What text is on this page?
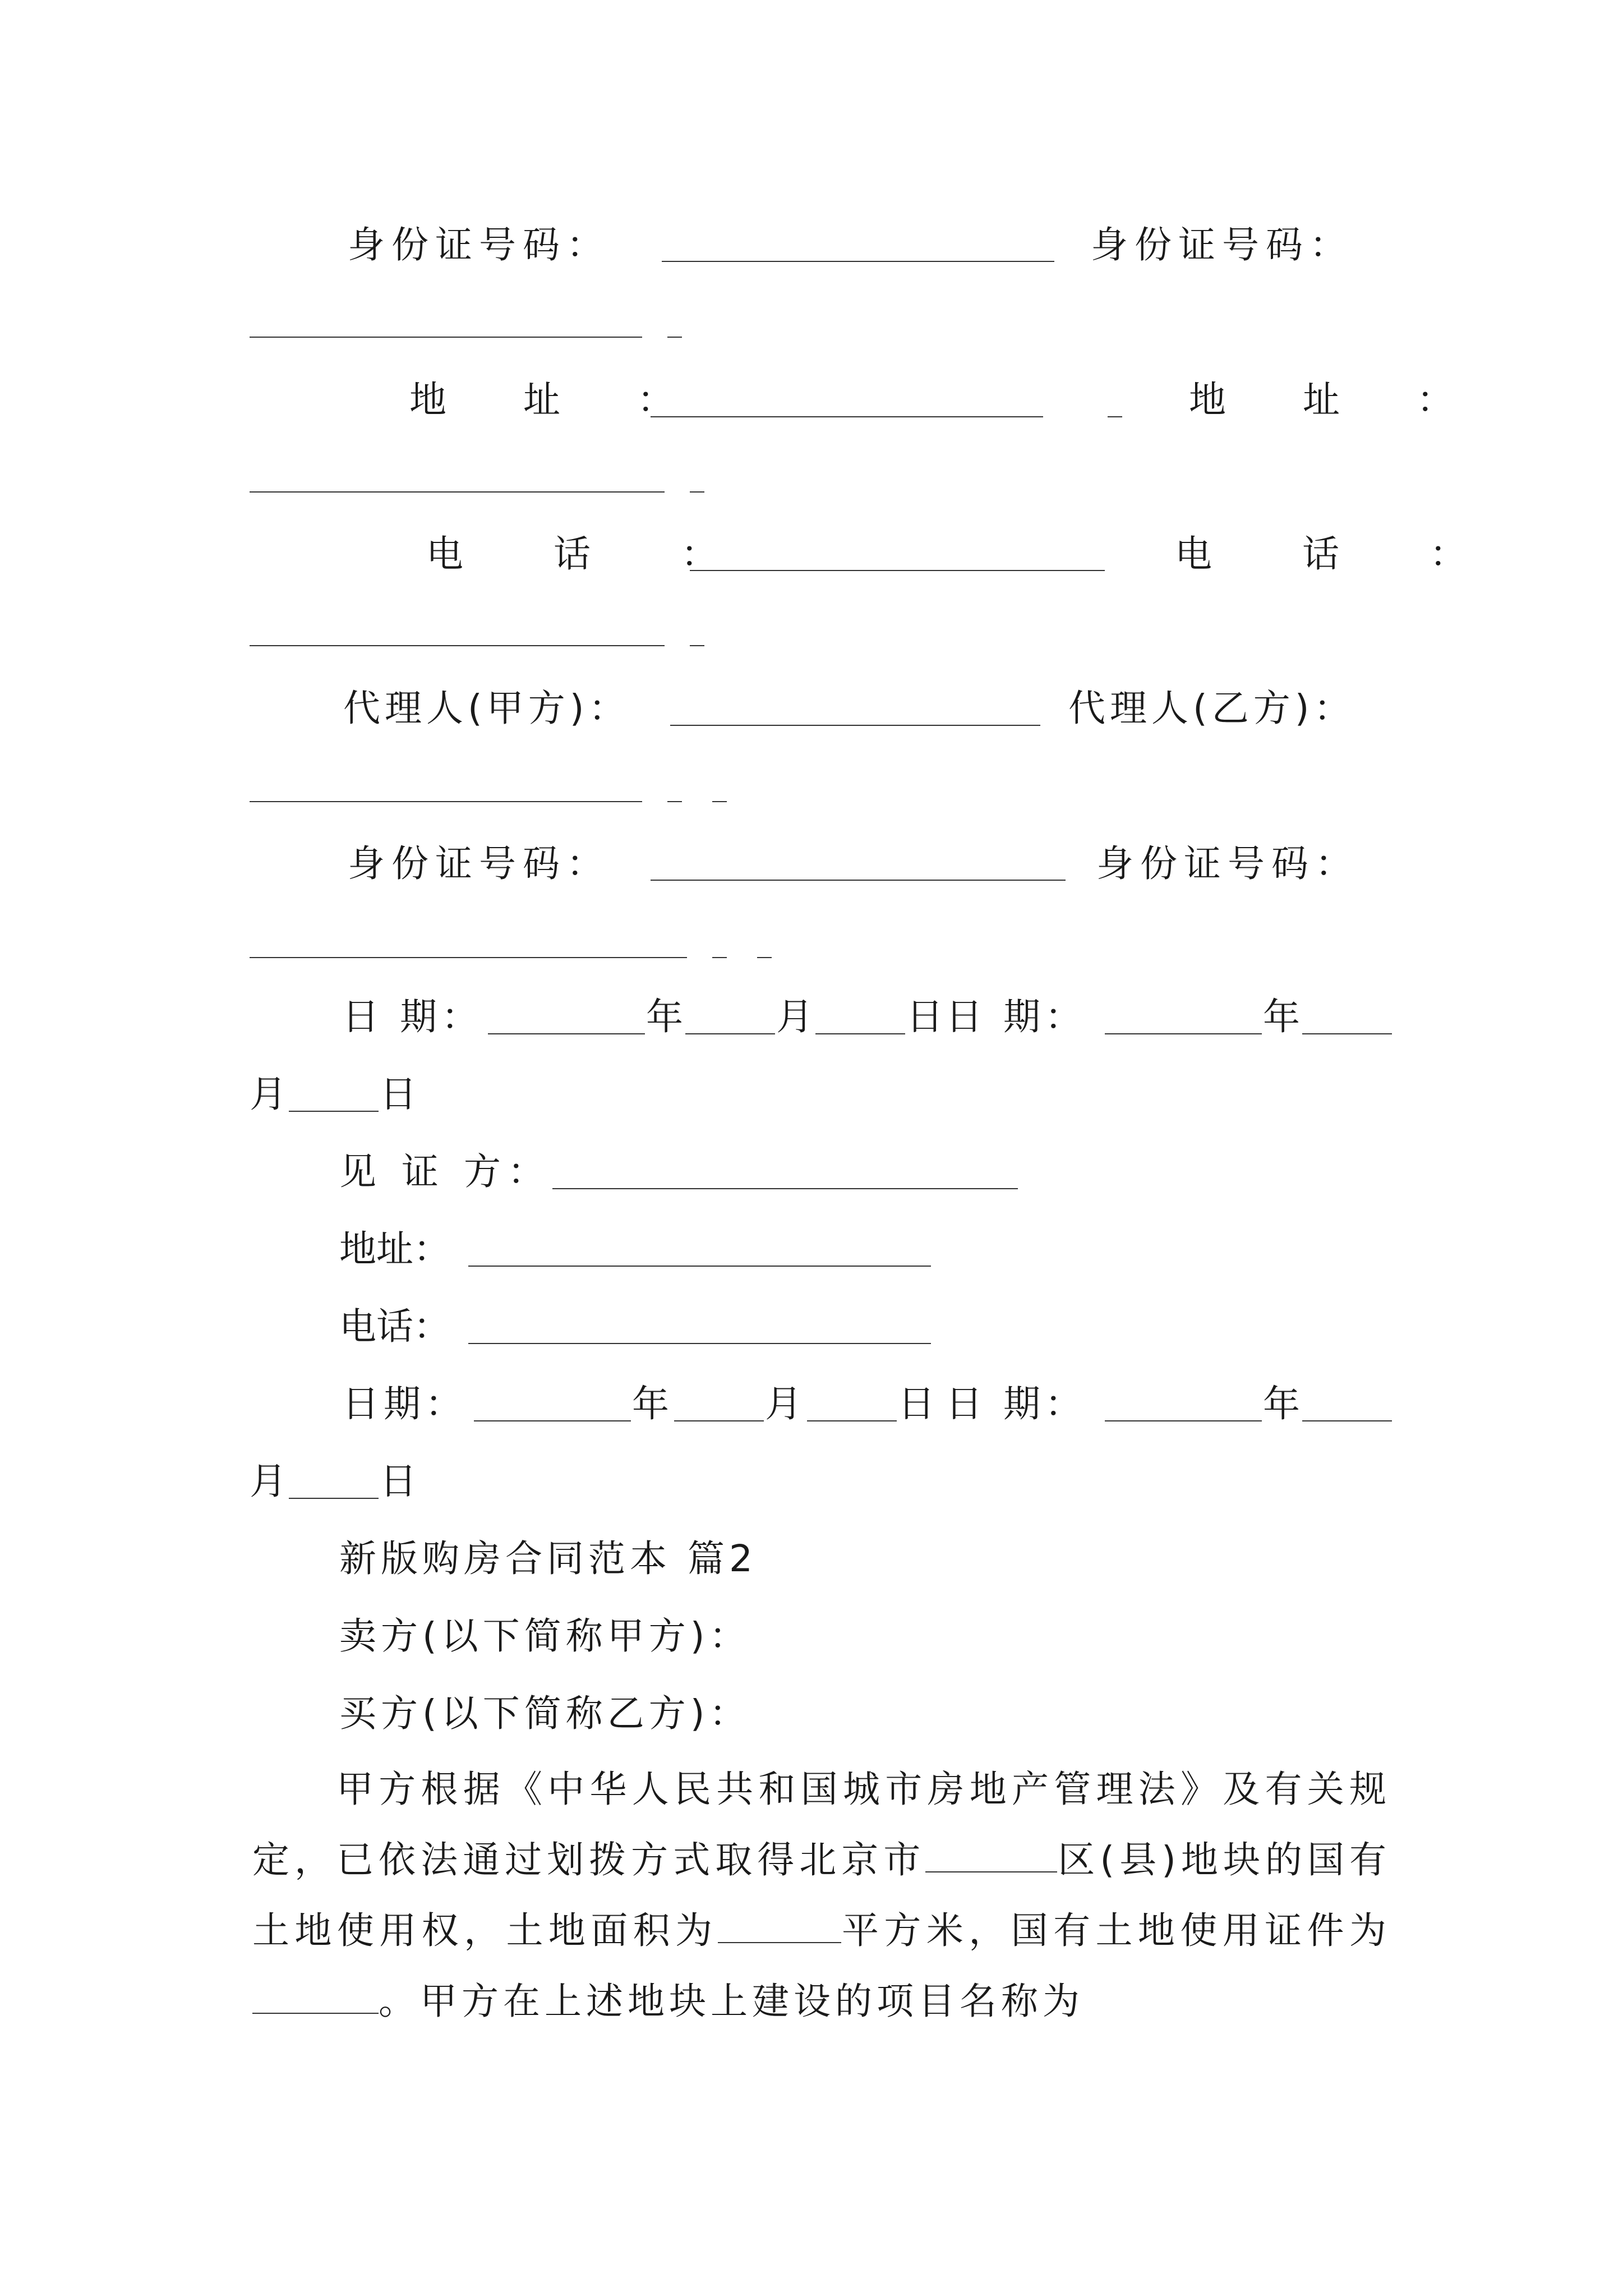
身份证号码：	身份证号码：
地 址 ：	地 址 ：
电 话 ：	电 话 ：
代理人(甲方)：	代理人(乙方)：
身份证号码：	身份证号码：
日 期：	年	月	日 日 期：	年
月	日
见 证 方：
地址：
电话：
日期：	年	月	日 日 期：	年
月	日
新版购房合同范本 篇2
卖方(以下简称甲方)：
买方(以下简称乙方)：
甲方根据《中华人民共和国城市房地产管理法》及有关规定，已依法通过划拨方式取得北京市	区(县)地块的国有土地使用权，土地面积为	平方米，国有土地使用证件为。甲方在上述地块上建设的项目名称为
